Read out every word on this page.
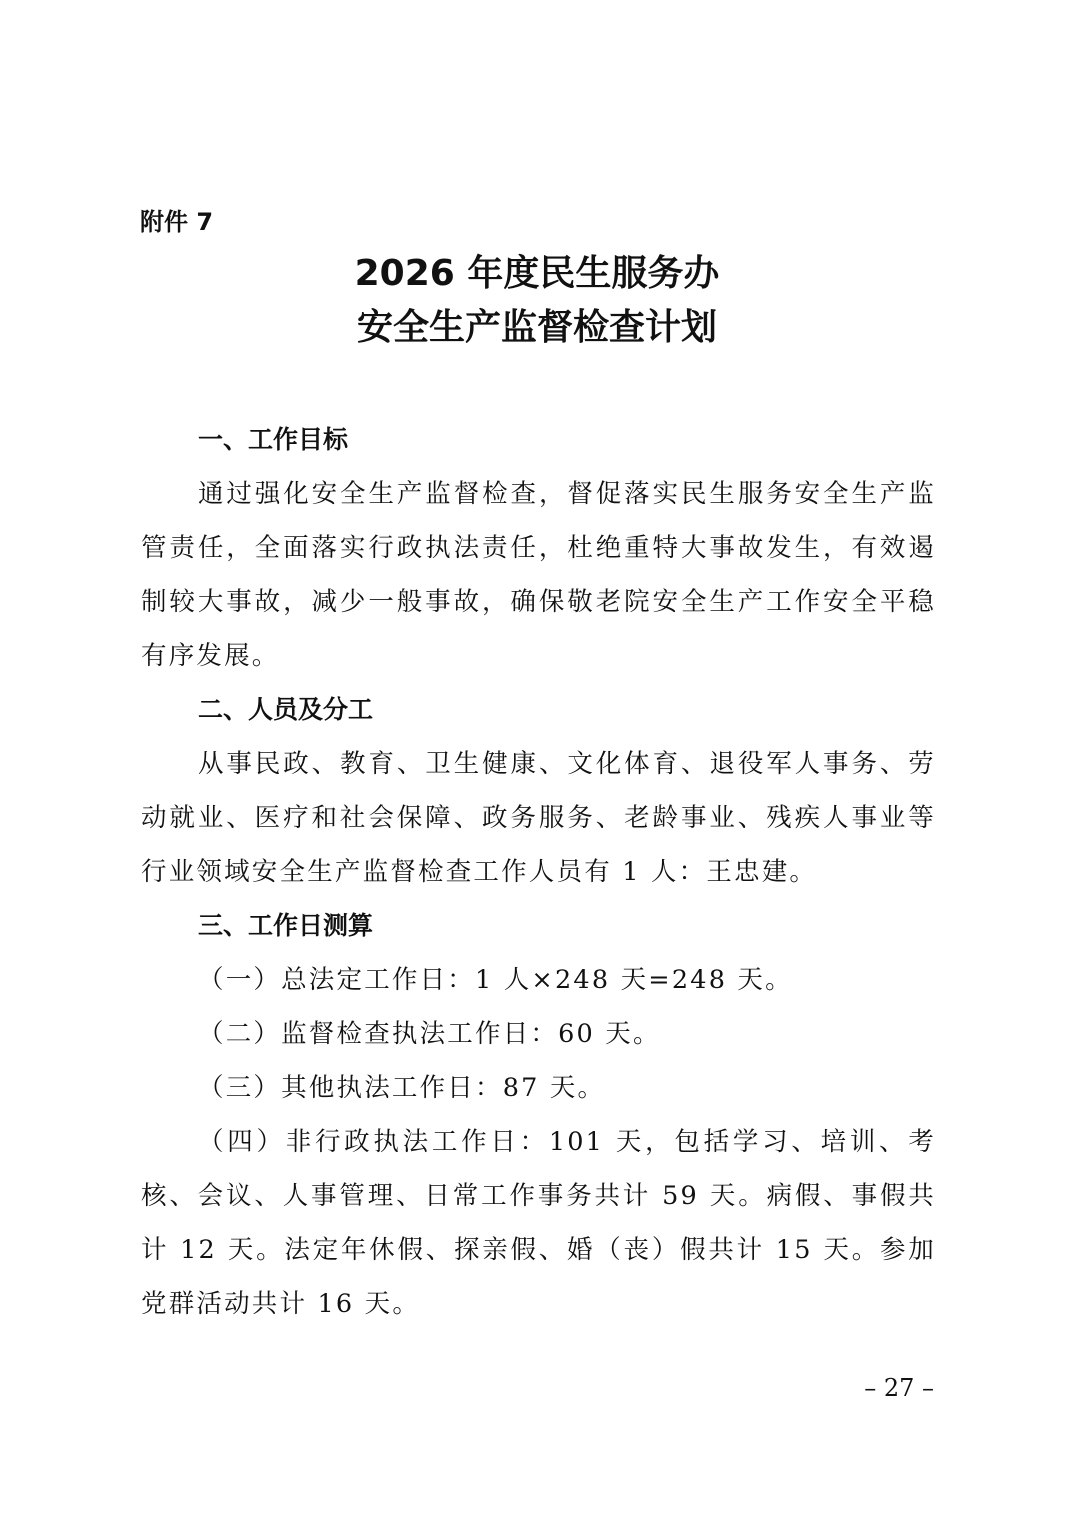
附件 7
2026 年度民生服务办
安全生产监督检查计划
一、工作目标

通过强化安全生产监督检查，督促落实民生服务安全生产监管责任，全面落实行政执法责任，杜绝重特大事故发生，有效遏制较大事故，减少一般事故，确保敬老院安全生产工作安全平稳有序发展。

二、人员及分工

从事民政、教育、卫生健康、文化体育、退役军人事务、劳动就业、医疗和社会保障、政务服务、老龄事业、残疾人事业等行业领域安全生产监督检查工作人员有 1 人：王忠建。

三、工作日测算

（一）总法定工作日：1 人×248 天=248 天。

（二）监督检查执法工作日：60 天。

（三）其他执法工作日：87 天。

（四）非行政执法工作日：101 天，包括学习、培训、考核、会议、人事管理、日常工作事务共计 59 天。病假、事假共计 12 天。法定年休假、探亲假、婚（丧）假共计 15 天。参加党群活动共计 16 天。

– 27 –
